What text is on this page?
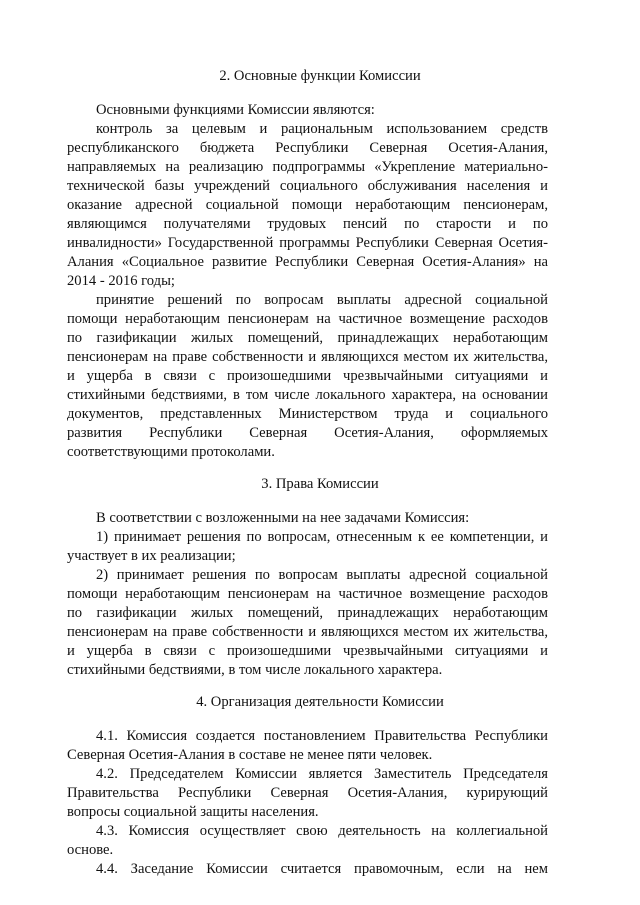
2. Основные функции Комиссии
Основными функциями Комиссии являются:
контроль за целевым и рациональным использованием средств
республиканского бюджета Республики Северная Осетия-Алания,
направляемых на реализацию подпрограммы «Укрепление материально-
технической базы учреждений социального обслуживания населения и
оказание адресной социальной помощи неработающим пенсионерам,
являющимся получателями трудовых пенсий по старости и по
инвалидности» Государственной программы Республики Северная Осетия-
Алания «Социальное развитие Республики Северная Осетия-Алания» на
2014 - 2016 годы;
принятие решений по вопросам выплаты адресной социальной
помощи неработающим пенсионерам на частичное возмещение расходов
по газификации жилых помещений, принадлежащих неработающим
пенсионерам на праве собственности и являющихся местом их жительства,
и ущерба в связи с произошедшими чрезвычайными ситуациями и
стихийными бедствиями, в том числе локального характера, на основании
документов, представленных Министерством труда и социального
развития Республики Северная Осетия-Алания, оформляемых
соответствующими протоколами.
3. Права Комиссии
В соответствии с возложенными на нее задачами Комиссия:
1) принимает решения по вопросам, отнесенным к ее компетенции, и
участвует в их реализации;
2) принимает решения по вопросам выплаты адресной социальной
помощи неработающим пенсионерам на частичное возмещение расходов
по газификации жилых помещений, принадлежащих неработающим
пенсионерам на праве собственности и являющихся местом их жительства,
и ущерба в связи с произошедшими чрезвычайными ситуациями и
стихийными бедствиями, в том числе локального характера.
4. Организация деятельности Комиссии
4.1. Комиссия создается постановлением Правительства Республики
Северная Осетия-Алания в составе не менее пяти человек.
4.2. Председателем Комиссии является Заместитель Председателя
Правительства Республики Северная Осетия-Алания, курирующий
вопросы социальной защиты населения.
4.3. Комиссия осуществляет свою деятельность на коллегиальной
основе.
4.4. Заседание Комиссии считается правомочным, если на нем
